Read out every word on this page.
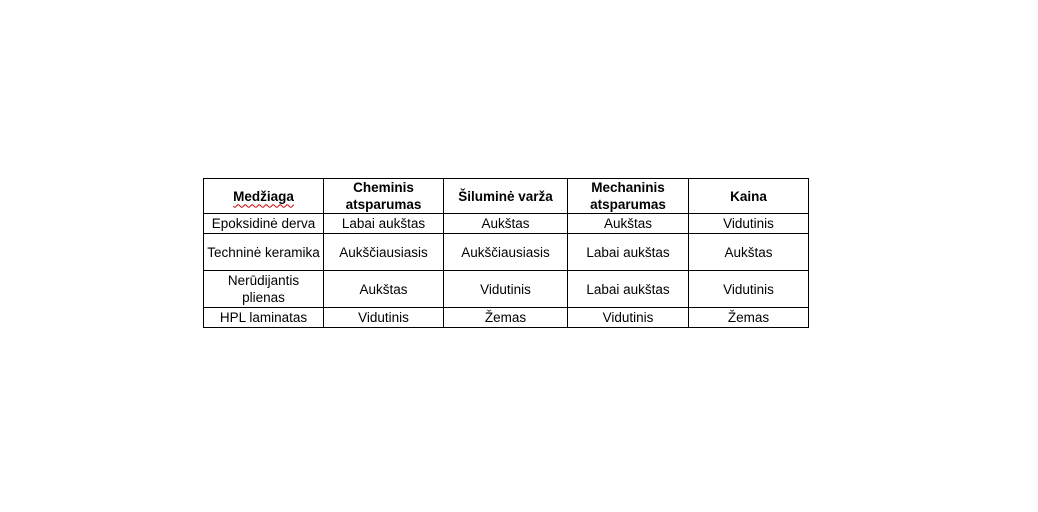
Medžiaga	Cheminis atsparumas	Šiluminė varža	Mechaninis atsparumas	Kaina
Epoksidinė derva	Labai aukštas	Aukštas	Aukštas	Vidutinis
Techninė keramika	Aukščiausiasis	Aukščiausiasis	Labai aukštas	Aukštas
Nerūdijantis plienas	Aukštas	Vidutinis	Labai aukštas	Vidutinis
HPL laminatas	Vidutinis	Žemas	Vidutinis	Žemas
